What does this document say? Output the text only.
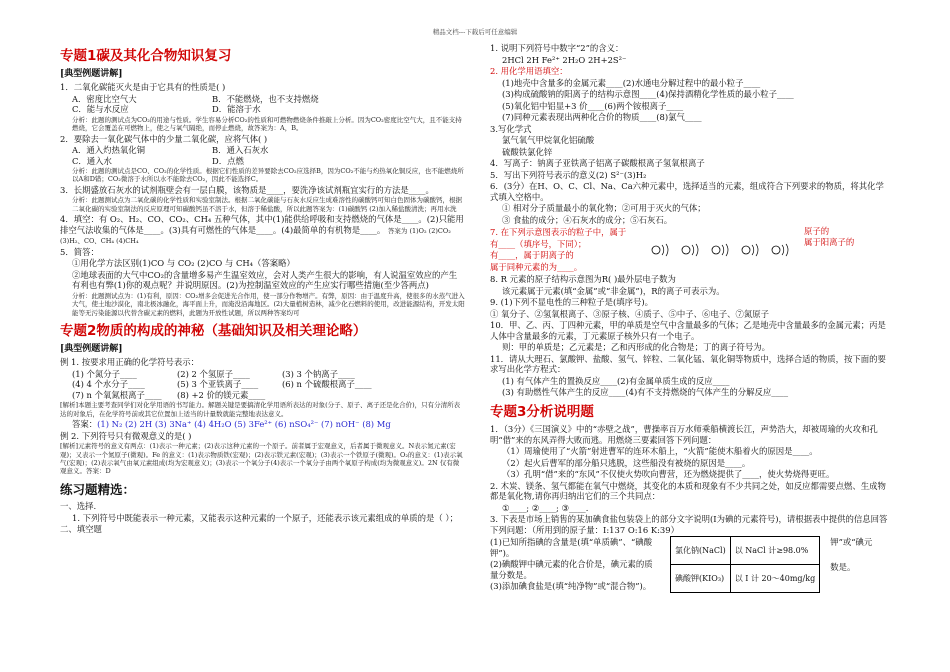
精品文档---下载后可任意编辑
专题1碳及其化合物知识复习
[典型例题讲解]
1．二氧化碳能灭火是由于它具有的性质是( )
A．密度比空气大	B．不能燃烧，也不支持燃烧
C．能与水反应	D．能溶于水
分析：此题的测试点为CO₂的用途与性质。学生容易分析CO₂的性质和可燃物燃烧条件推敲上分析。因为CO₂密度比空气大，且不能支持燃烧，它会覆盖在可燃物上，使之与氧气隔绝，而停止燃烧，故答案为：A，B。
2．要除去一氧化碳气体中的少量二氧化碳，应将气体( )
A．通入灼热氧化铜	B．通入石灰水
C．通入水	D．点燃
分析：此题的测试点是CO、CO₂的化学性质。根据它们性质的差异要除去CO₂应选择B，因为CO₂不能与灼热氧化铜反应，也不能燃烧所以A和D错；CO₂微溶于水所以水不能除去CO₂，因此不能选择C。
3．长期盛放石灰水的试剂瓶壁会有一层白膜，该物质是____，要洗净该试剂瓶宜实行的方法是____。
分析：此题测试点为二氧化碳的化学性质和实验室制法。根据二氧化碳能与石灰水反应生成难溶性的碳酸钙可知白色固体为碳酸钙，根据二氧化碳的实验室制法的反应原理可知碳酸钙虽不溶于水，但溶于稀盐酸，所以此题答案为：(1)碳酸钙 (2)加入稀盐酸清洗；再用水洗
4．填空：有 O₂、H₂、CO、CO₂、CH₄ 五种气体，其中(1)能供给呼吸和支持燃烧的气体是____。(2)只能用排空气法收集的气体是____。(3)具有可燃性的气体是____。(4)最简单的有机物是____。 答案为 (1)O₂ (2)CO₂ (3)H₂、CO、CH₄ (4)CH₄
5．简答：
①用化学方法区别(1)CO 与 CO₂ (2)CO 与 CH₄（答案略）
②地球表面的大气中CO₂的含量增多易产生温室效应，会对人类产生很大的影响，有人说温室效应的产生有利也有弊(1)你的观点呢？并说明原因。(2)为控制温室效应的产生应实行哪些措施(至少答两点)
分析：此题测试点为：(1)有利，原因：CO₂增多会促进光合作用，使一部分作物增产。有弊，原因：由于温度升高，使很多的水蒸气进入大气，使土地沙漠化，南北极冰融化，海平面上升，而淹没沿海地区。(2)大量植树造林，减少化石燃料的使用，改进能源结构，开发太阳能等无污染能源以代替含碳元素的燃料，此题为开放性试题，所以两种答案均可
专题2物质的构成的神秘（基础知识及相关理论略）
[典型例题讲解]
例 1. 按要求用正确的化学符号表示：
(1) 个氮分子____	(2) 2 个氢原子____	(3) 3 个钠离子____
(4) 4 个水分子____	(5) 3 个亚铁离子____	(6) n 个硫酸根离子____
(7) n 个氧氮根离子____	(8) +2 价的镁元素____
[解析]本题主要考查同学们对化学用语的书写能力。解题关键是要搞清化学用语所表达的对象(分子、原子、离子还是化合价)，只有分清所表达的对象后，在化学符号前或其它位置加上适当的计量数就能完整地表达意义。
答案：(1) N₂ (2) 2H (3) 3Na⁺ (4) 4H₂O (5) 3Fe²⁺ (6) nSO₄²⁻ (7) nOH⁻ (8) Mg
例 2. 下列符号只有微观意义的是( )
[解析]元素符号的意义有两点：(1)表示一种元素；(2)表示这种元素的一个原子。前者属于宏观意义，后者属于微观意义。N表示氮元素(宏观)；又表示一个氮原子(微观)。Fe 的意义：(1)表示物质铁(宏观)；(2)表示铁元素(宏观)；(3)表示一个铁原子(微观)。O₂的意义：(1)表示氧气(宏观)；(2)表示氧气由氧元素组成(均为宏观意义)；(3)表示一个氧分子(4)表示一个氧分子由两个氧原子构成(均为微观意义)。2N 仅有微观意义。答案：D
练习题精选：
一、选择.
1. 下列符号中既能表示一种元素，又能表示这种元素的一个原子，还能表示该元素组成的单质的是（ ）；
二、填空题
1. 说明下列符号中数字“2”的含义：
2HCl 2H Fe²⁺ 2H₂O 2H+2S²⁻
2. 用化学用语填空：
(1)地壳中含量多的金属元素____(2)水通电分解过程中的最小粒子____
(3)构成硫酸钠的阳离子的结构示意图____(4)保持酒精化学性质的最小粒子____
(5)氧化铝中铝显+3 价____(6)两个铵根离子____
(7)同种元素表现出两种化合价的物质____(8)氯气____
3.写化学式
氯气氧气甲烷氧化铝硫酸
硫酸铁氯化锌
4．写离子：钠离子亚铁离子铝离子碳酸根离子氢氧根离子
5．写出下列符号表示的意义(2) S²⁻(3)H₂
6．(3分）在H、O、C、Cl、Na、Ca六种元素中，选择适当的元素，组成符合下列要求的物质，将其化学式填入空格中。
① 相对分子质量最小的氧化物；②可用于灭火的气体；
③ 食盐的成分；④石灰水的成分；⑤石灰石。
7. 在下列示意图表示的粒子中，属于
有____（填序号，下同）；
有____，属于阴离子的
属于同种元素的为____。
原子的
属于阳离子的
8. R 元素的原子结构示意图为R( )最外层电子数为
该元素属于元素(填“金属”或“非金属”)，R的离子可表示为。
9. (1)下列不显电性的三种粒子是(填序号)。
① 氧分子、②氢氧根离子、③原子核、④质子、⑤中子、⑥电子、⑦氮原子
10．甲、乙、丙、丁四种元素，甲的单质是空气中含量最多的气体；乙是地壳中含量最多的金属元素；丙是人体中含量最多的元素，丁元素原子核外只有一个电子。
则：甲的单质是；乙元素是；乙和丙形成的化合物是；丁的离子符号为。
11．请从大理石、氯酸钾、盐酸、氢气、锌粒、二氧化锰、氧化铜等物质中，选择合适的物质，按下面的要求写出化学方程式：
(1) 有气体产生的置换反应____(2)有金属单质生成的反应____
(3) 有助燃性气体产生的反应____(4)有不支持燃烧的气体产生的分解反应____
专题3分析说明题
1．（3分）《三国演义》中的“赤壁之战”，曹操率百万水师乘船横渡长江，声势浩大，却被周瑜的火攻和孔明“借”来的东风弄得大败而逃。用燃烧三要素回答下列问题：
（1）周瑜使用了“火箭”射进曹军的连环木船上，“火箭”能使木船着火的原因是____。
（2）起火后曹军的部分船只逃脱，这些船没有被烧的原因是____。
（3）孔明“借”来的“东风”不仅使火势吹向曹营，还为燃烧提供了____，使火势烧得更旺。
2. 木炭、镁条、氢气都能在氧气中燃烧，其变化的本质和现象有不少共同之处，如反应都需要点燃、生成物都是氧化物,请你再归纳出它们的三个共同点：
①____; ②____; ③____.
3. 下表是市场上销售的某加碘食盐包装袋上的部分文字说明(I为碘的元素符号)，请根据表中提供的信息回答下列问题：（所用到的原子量：I:137 O:16 K:39）
(1)已知所指碘的含量是(填“单质碘”、“碘酸钾”)。
(2)碘酸钾中碘元素的化合价是，碘元素的质量分数是。
(3)添加碘食盐是(填“纯净物”或“混合物”)。
氯化钠(NaCl)	以 NaCl 计≥98.0%
碘酸钾(KIO₃)	以 I 计 20～40mg/kg
钾”或“碘元
数是。
